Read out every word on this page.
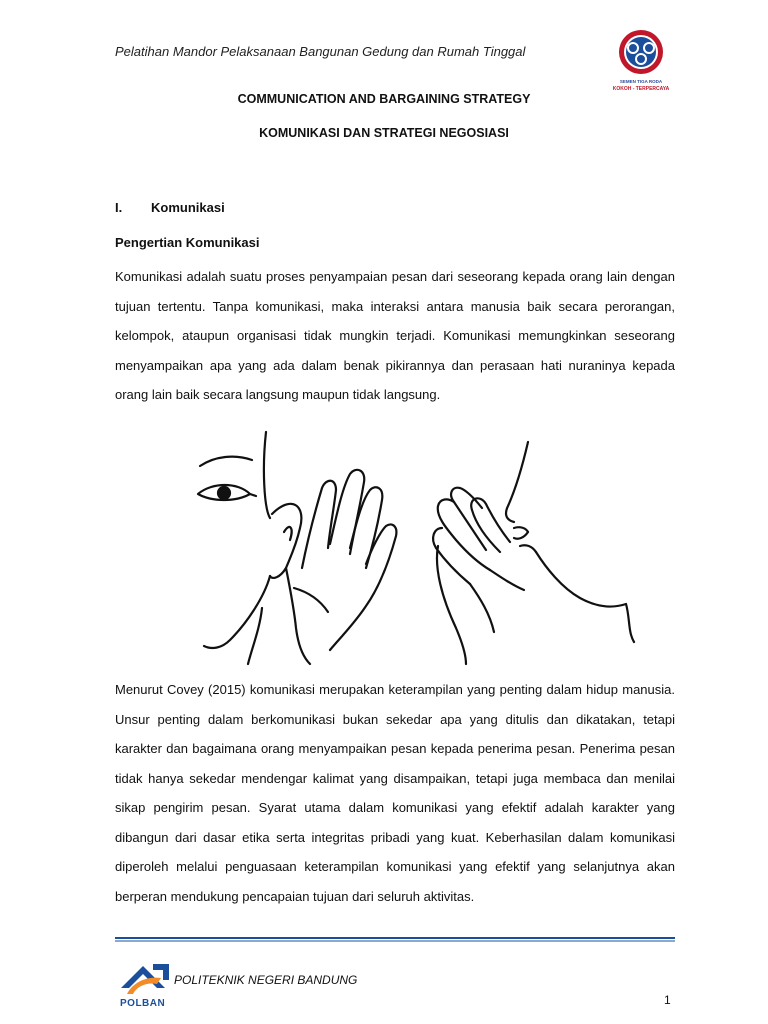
Pelatihan Mandor Pelaksanaan Bangunan Gedung dan Rumah Tinggal
SEMEN TIGA RODA
KOKOH - TERPERCAYA
COMMUNICATION AND BARGAINING STRATEGY
KOMUNIKASI DAN STRATEGI NEGOSIASI
I. Komunikasi
Pengertian Komunikasi
Komunikasi adalah suatu proses penyampaian pesan dari seseorang kepada orang lain dengan tujuan tertentu. Tanpa komunikasi, maka interaksi antara manusia baik secara perorangan, kelompok, ataupun organisasi tidak mungkin terjadi. Komunikasi memungkinkan seseorang menyampaikan apa yang ada dalam benak pikirannya dan perasaan hati nuraninya kepada orang lain baik secara langsung maupun tidak langsung.
Menurut Covey (2015) komunikasi merupakan keterampilan yang penting dalam hidup manusia. Unsur penting dalam berkomunikasi bukan sekedar apa yang ditulis dan dikatakan, tetapi karakter dan bagaimana orang menyampaikan pesan kepada penerima pesan. Penerima pesan tidak hanya sekedar mendengar kalimat yang disampaikan, tetapi juga membaca dan menilai sikap pengirim pesan. Syarat utama dalam komunikasi yang efektif adalah karakter yang dibangun dari dasar etika serta integritas pribadi yang kuat. Keberhasilan dalam komunikasi diperoleh melalui penguasaan keterampilan komunikasi yang efektif yang selanjutnya akan berperan mendukung pencapaian tujuan dari seluruh aktivitas.
POLBAN
POLITEKNIK NEGERI BANDUNG
1
